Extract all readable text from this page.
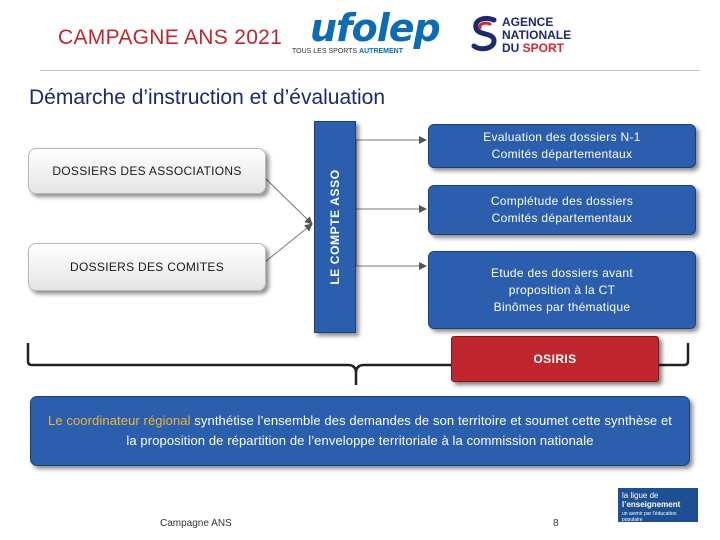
CAMPAGNE ANS 2021 ufolep
TOUS LES SPORTS AUTREMENT
AGENCE
NATIONALE
DU SPORT
Démarche d’instruction et d’évaluation
DOSSIERS DES ASSOCIATIONS
DOSSIERS DES COMITES	LE COMPTE ASSO
Evaluation des dossiers N-1
Comités départementaux
Complétude des dossiers
Comités départementaux
Etude des dossiers avant
proposition à la CT
Binômes par thématique
OSIRIS
Le coordinateur régional synthétise l’ensemble des demandes de son territoire et soumet cette synthèse et la proposition de répartition de l’enveloppe territoriale à la commission nationale
Campagne ANS	8
la ligue de
l’enseignement
un avenir par l’éducation populaire
